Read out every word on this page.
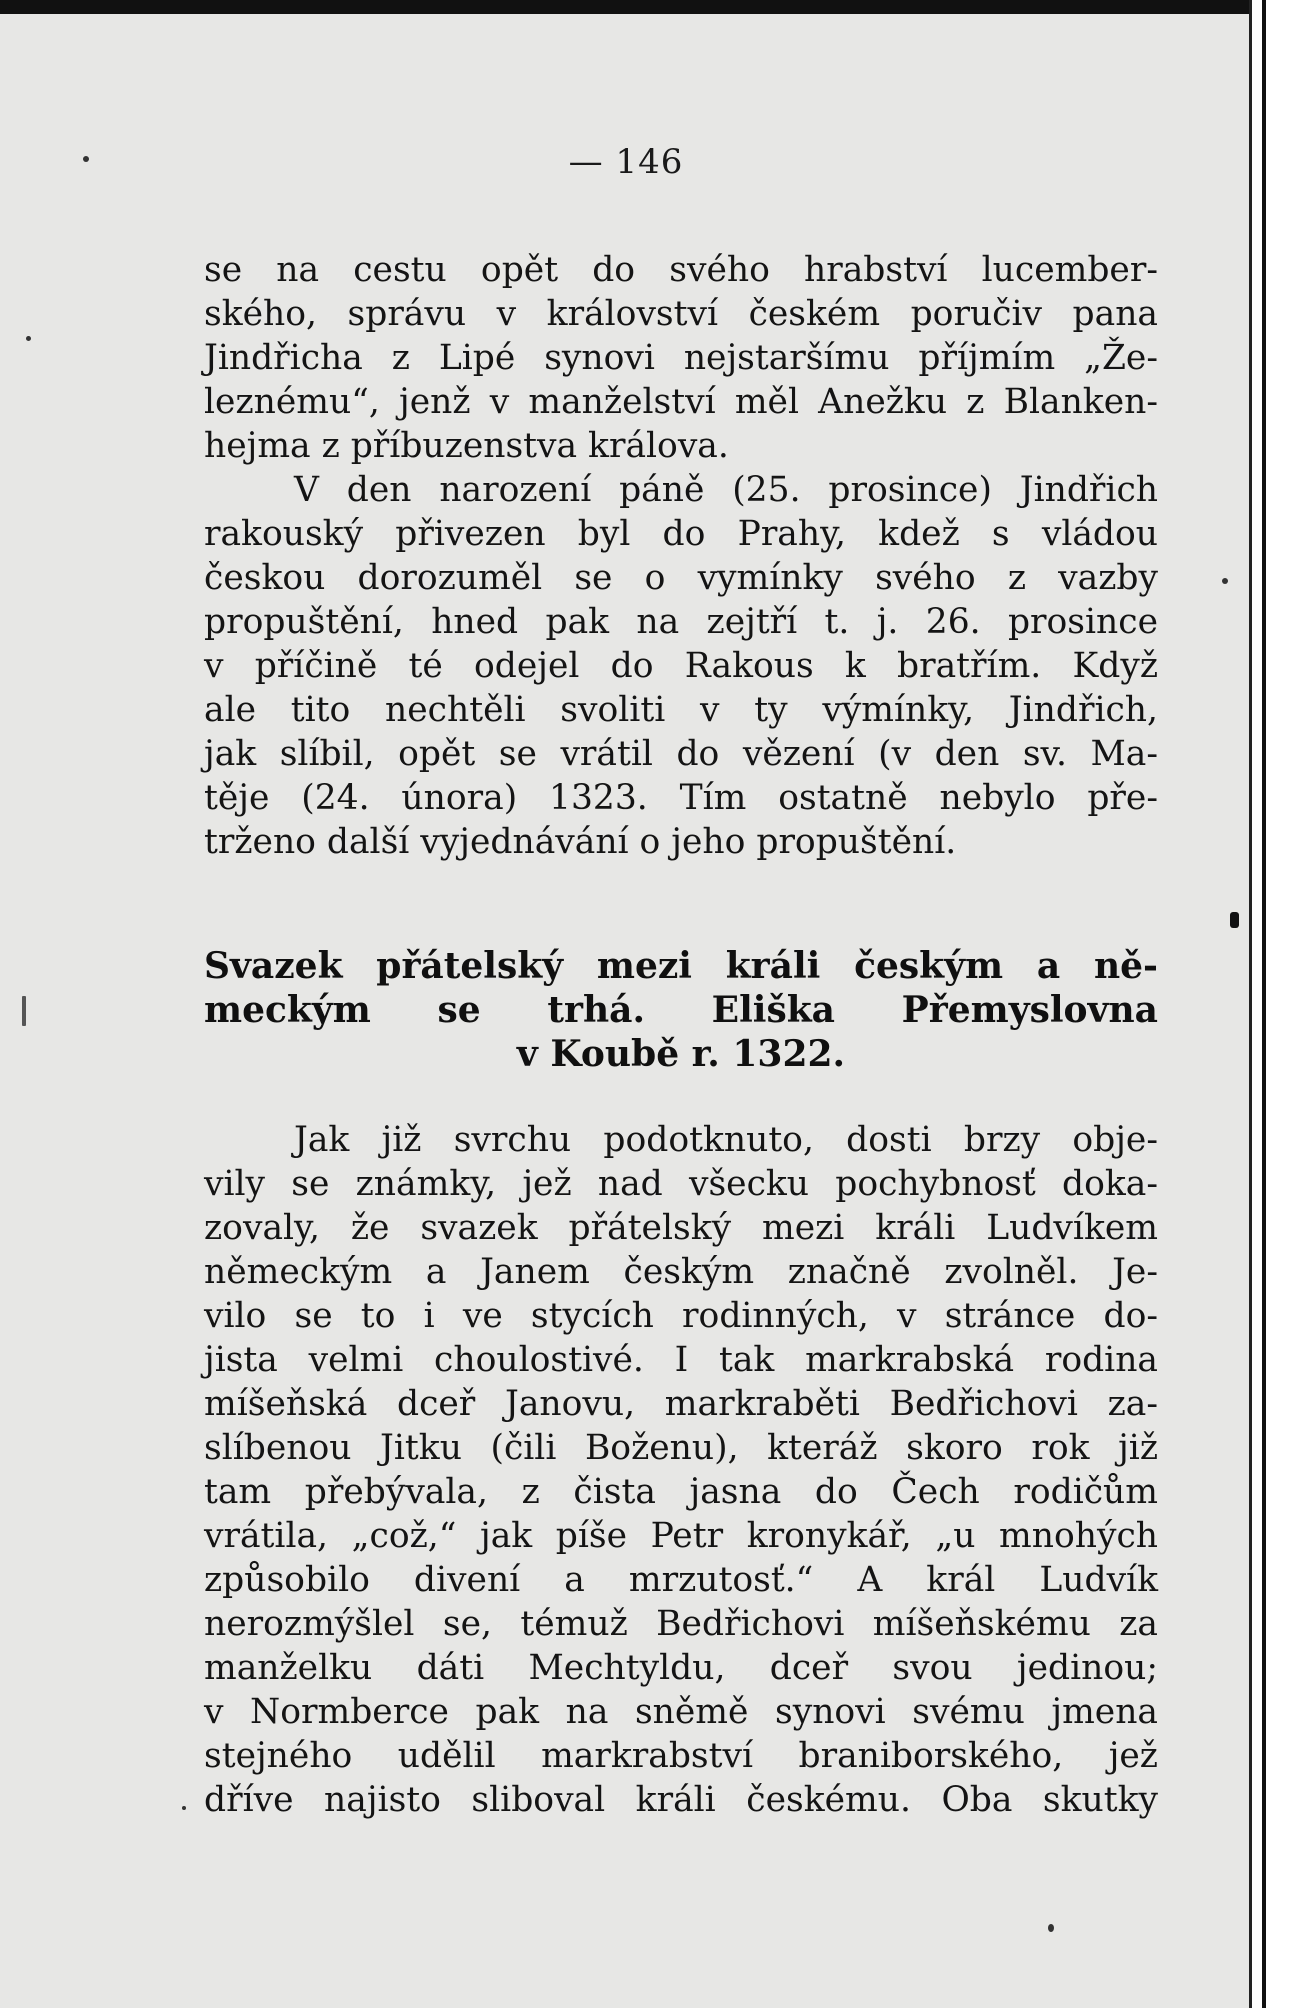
— 146
se na cestu opět do svého hrabství lucember-
ského, správu v království českém poručiv pana
Jindřicha z Lipé synovi nejstaršímu příjmím „Že-
leznému“, jenž v manželství měl Anežku z Blanken-
hejma z příbuzenstva králova.
V den narození páně (25. prosince) Jindřich
rakouský přivezen byl do Prahy, kdež s vládou
českou dorozuměl se o vymínky svého z vazby
propuštění, hned pak na zejtří t. j. 26. prosince
v příčině té odejel do Rakous k bratřím. Když
ale tito nechtěli svoliti v ty výmínky, Jindřich,
jak slíbil, opět se vrátil do vězení (v den sv. Ma-
těje (24. února) 1323. Tím ostatně nebylo pře-
trženo další vyjednávání o jeho propuštění.
Svazek přátelský mezi králi českým a ně-
meckým se trhá. Eliška Přemyslovna
v Koubě r. 1322.
Jak již svrchu podotknuto, dosti brzy obje-
vily se známky, jež nad všecku pochybnosť doka-
zovaly, že svazek přátelský mezi králi Ludvíkem
německým a Janem českým značně zvolněl. Je-
vilo se to i ve stycích rodinných, v stránce do-
jista velmi choulostivé. I tak markrabská rodina
míšeňská dceř Janovu, markraběti Bedřichovi za-
slíbenou Jitku (čili Boženu), kteráž skoro rok již
tam přebývala, z čista jasna do Čech rodičům
vrátila, „což,“ jak píše Petr kronykář, „u mnohých
způsobilo divení a mrzutosť.“ A král Ludvík
nerozmýšlel se, témuž Bedřichovi míšeňskému za
manželku dáti Mechtyldu, dceř svou jedinou;
v Normberce pak na sněmě synovi svému jmena
stejného udělil markrabství braniborského, jež
dříve najisto sliboval králi českému. Oba skutky
